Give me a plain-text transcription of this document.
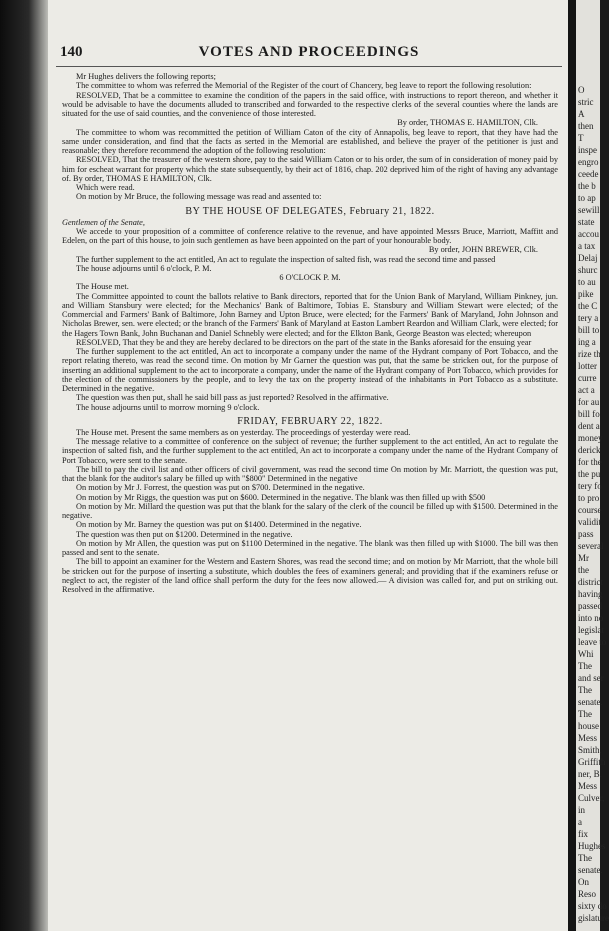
140	VOTES AND PROCEEDINGS

Mr Hughes delivers the following reports;

The committee to whom was referred the Memorial of the Register of the court of Chancery, beg leave to report the following resolution:

RESOLVED, That be a committee to examine the condition of the papers in the said office, with instructions to report thereon, and whether it would be advisable to have the documents alluded to transcribed and forwarded to the respective clerks of the several counties where the lands are situated for the use of said counties, and the convenience of those interested.

By order, THOMAS E. HAMILTON, Clk.

The committee to whom was recommitted the petition of William Caton of the city of Annapolis, beg leave to report, that they have had the same under consideration, and find that the facts as serted in the Memorial are established, and believe the prayer of the petitioner is just and reasonable; they therefore recommend the adoption of the following resolution:

RESOLVED, That the treasurer of the western shore, pay to the said William Caton or to his order, the sum of in consideration of money paid by him for escheat warrant for property which the state subsequently, by their act of 1816, chap. 202 deprived him of the right of having any advantage of. By order, THOMAS E HAMILTON, Clk.

Which were read.

On motion by Mr Bruce, the following message was read and assented to:

BY THE HOUSE OF DELEGATES, February 21, 1822.

Gentlemen of the Senate,

We accede to your proposition of a committee of conference relative to the revenue, and have appointed Messrs Bruce, Marriott, Maffitt and Edelen, on the part of this house, to join such gentlemen as have been appointed on the part of your honourable body.

By order, JOHN BREWER, Clk.

The further supplement to the act entitled, An act to regulate the inspection of salted fish, was read the second time and passed

The house adjourns until 6 o'clock, P. M.

6 O'CLOCK P. M.

The House met.

The Committee appointed to count the ballots relative to Bank directors, reported that for the Union Bank of Maryland, William Pinkney, jun. and William Stansbury were elected; for the Mechanics' Bank of Baltimore, Tobias E. Stansbury and William Stewart were elected; of the Commercial and Farmers' Bank of Baltimore, John Barney and Upton Bruce, were elected; for the Farmers' Bank of Maryland, John Johnson and Nicholas Brewer, sen. were elected; or the branch of the Farmers' Bank of Maryland at Easton Lambert Reardon and William Clark, were elected; for the Hagers Town Bank, John Buchanan and Daniel Schnebly were elected; and for the Elkton Bank, George Beaston was elected; whereupon

RESOLVED, That they be and they are hereby declared to be directors on the part of the state in the Banks aforesaid for the ensuing year

The further supplement to the act entitled, An act to incorporate a company under the name of the Hydrant company of Port Tobacco, and the report relating thereto, was read the second time. On motion by Mr Garner the question was put, that the same be stricken out, for the purpose of inserting an additional supplement to the act to incorporate a company, under the name of the Hydrant company of Port Tobacco, which provides for the election of the commissioners by the people, and to levy the tax on the property instead of the inhabitants in Port Tobacco as a substitute. Determined in the negative.

The question was then put, shall he said bill pass as just reported? Resolved in the affirmative.

The house adjourns until to morrow morning 9 o'clock.

FRIDAY, FEBRUARY 22, 1822.

The House met. Present the same members as on yesterday. The proceedings of yesterday were read.

The message relative to a committee of conference on the subject of revenue; the further supplement to the act entitled, An act to regulate the inspection of salted fish, and the further supplement to the act entitled, An act to incorporate a company under the name of the Hydrant Company of Port Tobacco, were sent to the senate.

The bill to pay the civil list and other officers of civil government, was read the second time On motion by Mr. Marriott, the question was put, that the blank for the auditor's salary be filled up with "$800" Determined in the negative

On motion by Mr J. Forrest, the question was put on $700. Determined in the negative.

On motion by Mr Riggs, the question was put on $600. Determined in the negative. The blank was then filled up with $500

On motion by Mr. Millard the question was put that the blank for the salary of the clerk of the council be filled up with $1500. Determined in the negative.

On motion by Mr. Barney the question was put on $1400. Determined in the negative.

The question was then put on $1200. Determined in the negative.

On motion by Mr Allen, the question was put on $1100 Determined in the negative. The blank was then filled up with $1000. The bill was then passed and sent to the senate.

The bill to appoint an examiner for the Western and Eastern Shores, was read the second time; and on motion by Mr Marriott, that the whole bill be stricken out for the purpose of inserting a substitute, which doubles the fees of examiners general; and providing that if the examiners refuse or neglect to act, the register of the land office shall perform the duty for the fees now allowed.— A division was called for, and put on striking out. Resolved in the affirmative.

O
stric
A
then
T
inspe
engro
ceede
the b
to ap
sewill
state
accou
a tax
Delaj
shurc
to au
pike
the C
tery a
bill to
ing a
rize th
lotter
curre
act a
for au
bill fo
dent a
money
derick
for the
the pu
tery fo
to pro
course
validit
pass
several
Mr
the
district
having
passed
into no
legislat
leave to
Whi
The
and ser
The
senate.
The
house
Mess
Smith,
Griffith
ner, B.
Mess
Culver,
in
a
fix
Hughes
The
senate.
On
Reso
sixty do
gislature
